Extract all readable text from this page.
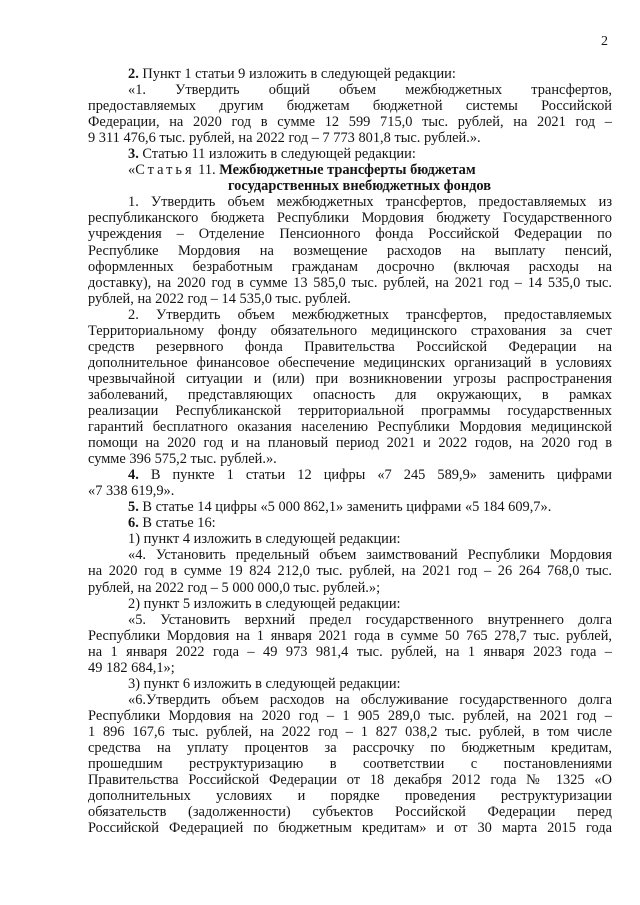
2

2. Пункт 1 статьи 9 изложить в следующей редакции:

«1. Утвердить общий объем межбюджетных трансфертов,

предоставляемых другим бюджетам бюджетной системы Российской

Федерации, на 2020 год в сумме 12 599 715,0 тыс. рублей, на 2021 год –

9 311 476,6 тыс. рублей, на 2022 год – 7 773 801,8 тыс. рублей.».

3. Статью 11 изложить в следующей редакции:

«Статья 11. Межбюджетные трансферты бюджетам

государственных внебюджетных фондов

1. Утвердить объем межбюджетных трансфертов, предоставляемых из

республиканского бюджета Республики Мордовия бюджету Государственного

учреждения – Отделение Пенсионного фонда Российской Федерации по

Республике Мордовия на возмещение расходов на выплату пенсий,

оформленных безработным гражданам досрочно (включая расходы на

доставку), на 2020 год в сумме 13 585,0 тыс. рублей, на 2021 год – 14 535,0 тыс.

рублей, на 2022 год – 14 535,0 тыс. рублей.

2. Утвердить объем межбюджетных трансфертов, предоставляемых

Территориальному фонду обязательного медицинского страхования за счет

средств резервного фонда Правительства Российской Федерации на

дополнительное финансовое обеспечение медицинских организаций в условиях

чрезвычайной ситуации и (или) при возникновении угрозы распространения

заболеваний, представляющих опасность для окружающих, в рамках

реализации Республиканской территориальной программы государственных

гарантий бесплатного оказания населению Республики Мордовия медицинской

помощи на 2020 год и на плановый период 2021 и 2022 годов, на 2020 год в

сумме 396 575,2 тыс. рублей.».

4. В пункте 1 статьи 12 цифры «7 245 589,9» заменить цифрами

«7 338 619,9».

5. В статье 14 цифры «5 000 862,1» заменить цифрами «5 184 609,7».

6. В статье 16:

1) пункт 4 изложить в следующей редакции:

«4. Установить предельный объем заимствований Республики Мордовия

на 2020 год в сумме 19 824 212,0 тыс. рублей, на 2021 год – 26 264 768,0 тыс.

рублей, на 2022 год – 5 000 000,0 тыс. рублей.»;

2) пункт 5 изложить в следующей редакции:

«5. Установить верхний предел государственного внутреннего долга

Республики Мордовия на 1 января 2021 года в сумме 50 765 278,7 тыс. рублей,

на 1 января 2022 года – 49 973 981,4 тыс. рублей, на 1 января 2023 года –

49 182 684,1»;

3) пункт 6 изложить в следующей редакции:

«6.Утвердить объем расходов на обслуживание государственного долга

Республики Мордовия на 2020 год – 1 905 289,0 тыс. рублей, на 2021 год –

1 896 167,6 тыс. рублей, на 2022 год – 1 827 038,2 тыс. рублей, в том числе

средства на уплату процентов за рассрочку по бюджетным кредитам,

прошедшим реструктуризацию в соответствии с постановлениями

Правительства Российской Федерации от 18 декабря 2012 года № 1325 «О

дополнительных условиях и порядке проведения реструктуризации

обязательств (задолженности) субъектов Российской Федерации перед

Российской Федерацией по бюджетным кредитам» и от 30 марта 2015 года
